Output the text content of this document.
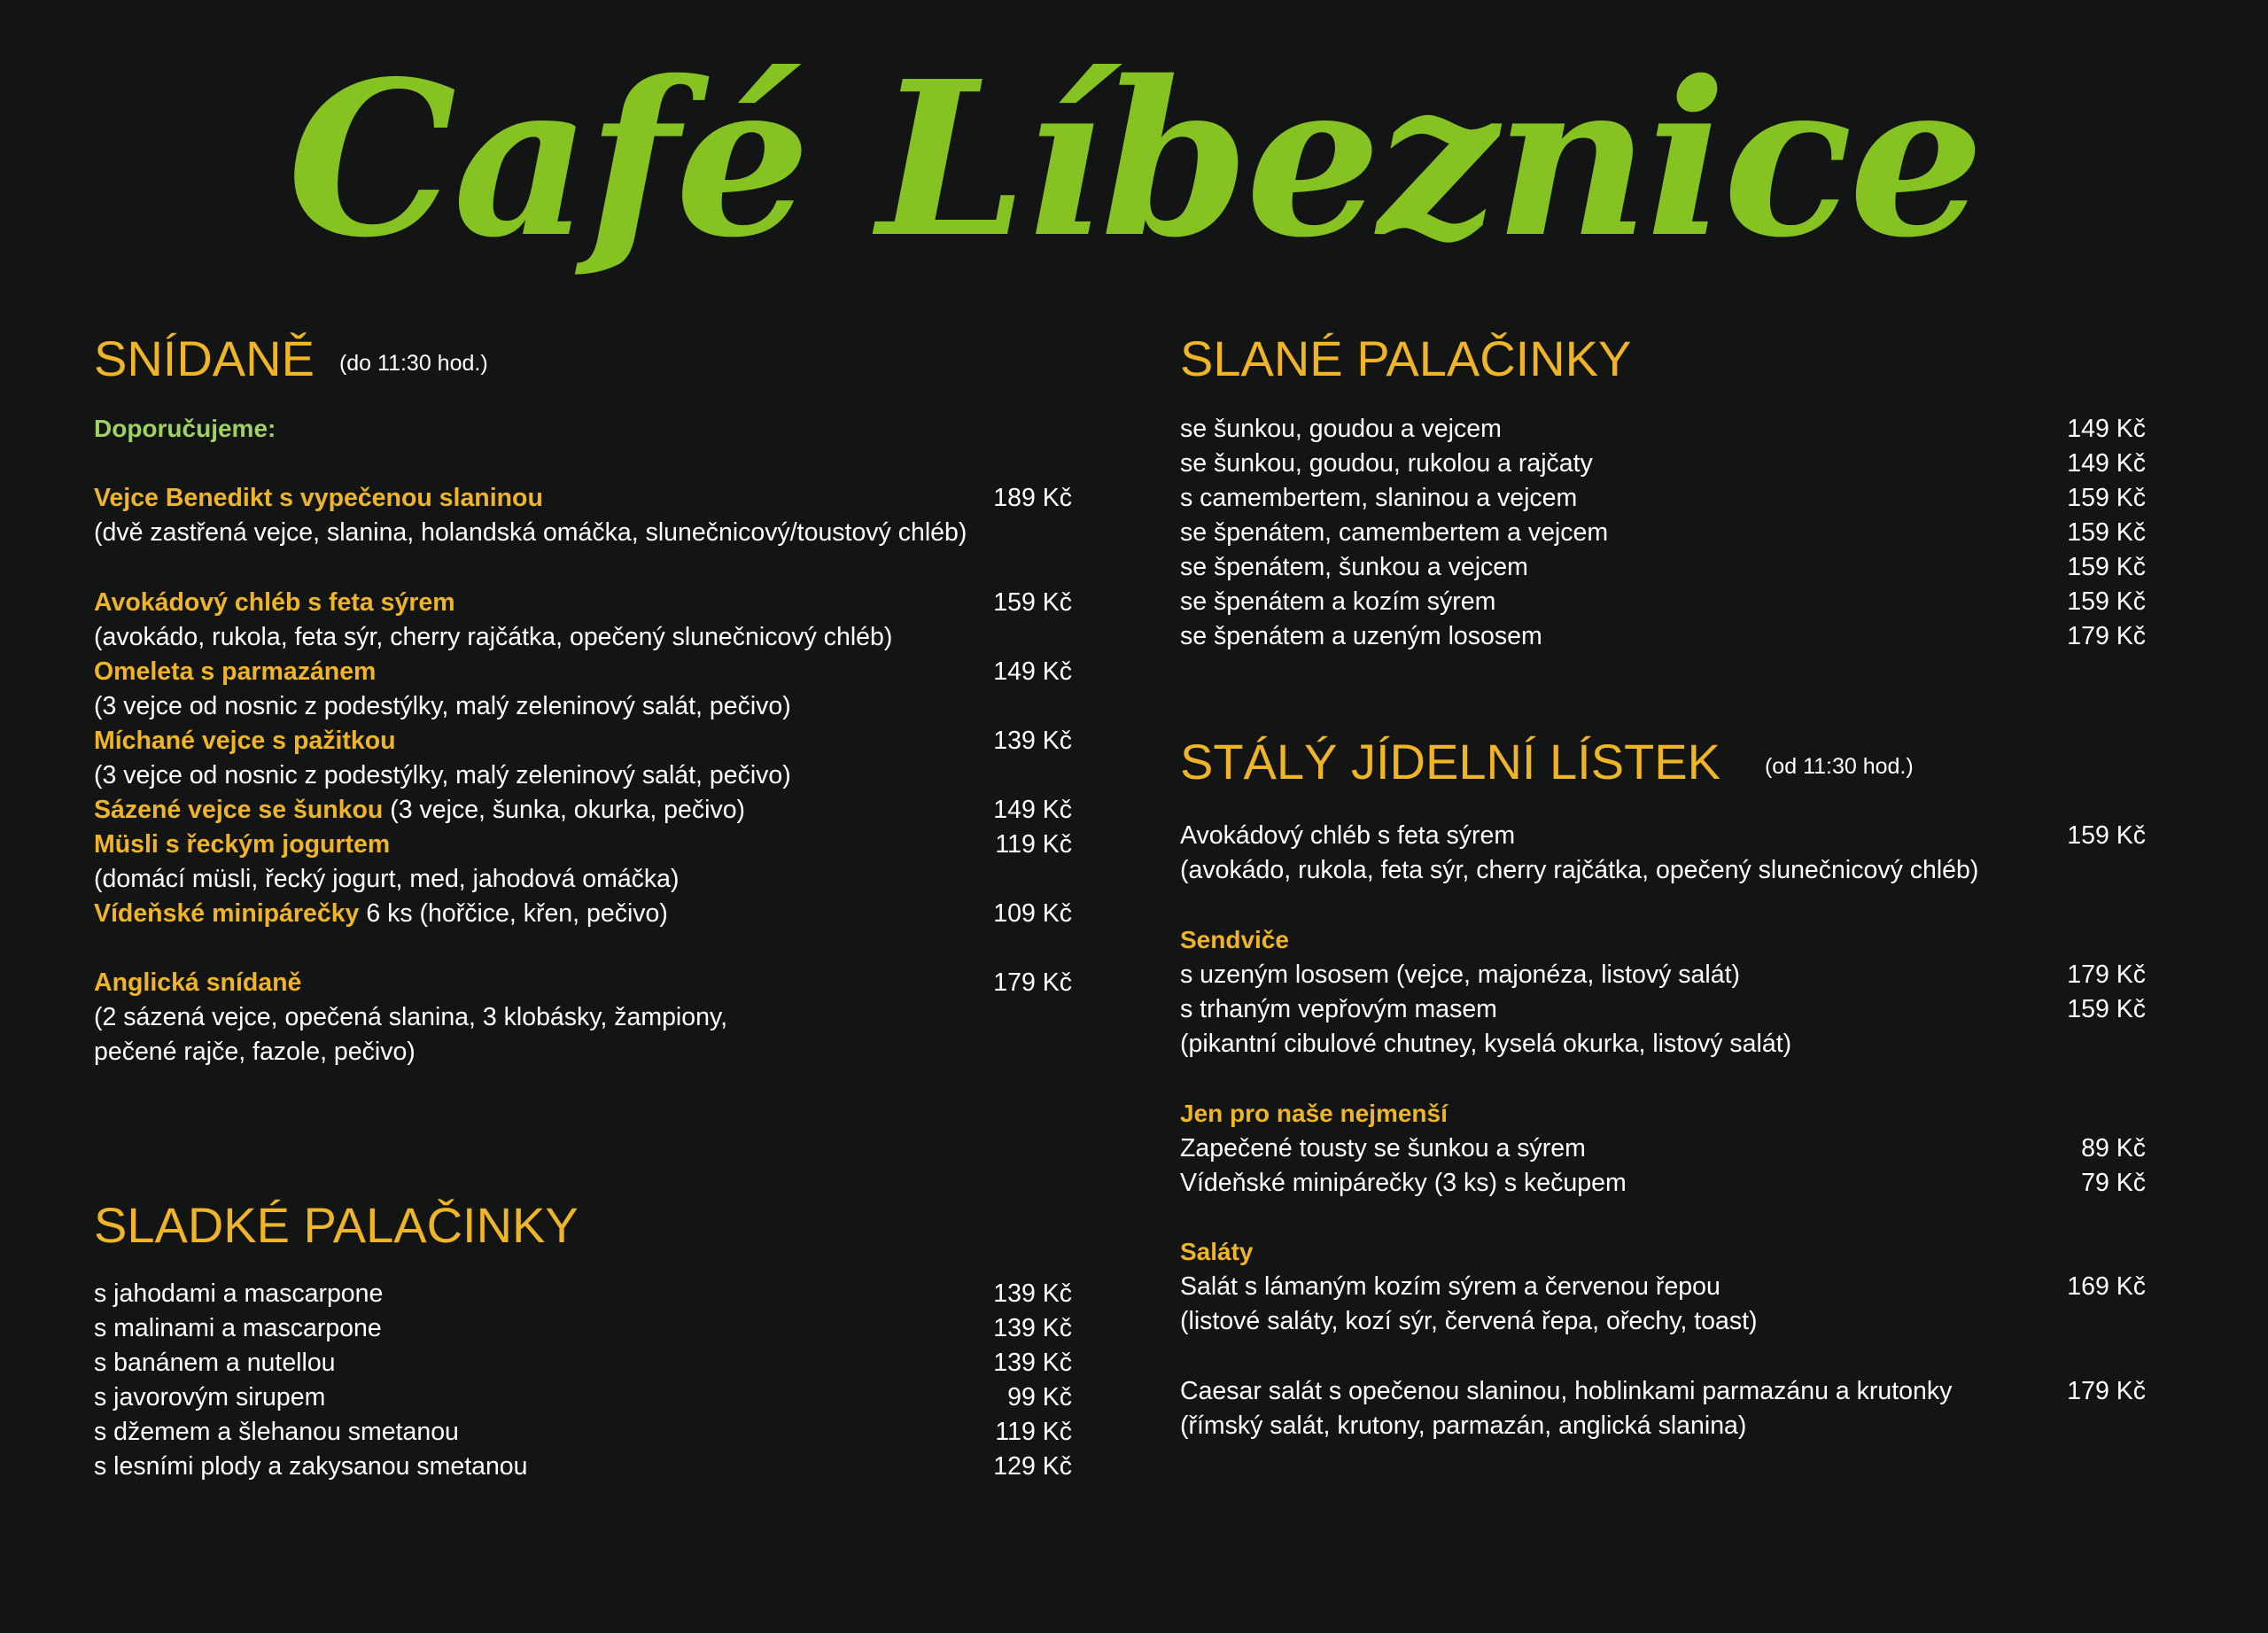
Café Líbeznice
SNÍDANĚ (do 11:30 hod.)
Doporučujeme:
Vejce Benedikt s vypečenou slaninou	189 Kč
(dvě zastřená vejce, slanina, holandská omáčka, slunečnicový/toustový chléb)
Avokádový chléb s feta sýrem	159 Kč
(avokádo, rukola, feta sýr, cherry rajčátka, opečený slunečnicový chléb)
Omeleta s parmazánem	149 Kč
(3 vejce od nosnic z podestýlky, malý zeleninový salát, pečivo)
Míchané vejce s pažitkou	139 Kč
(3 vejce od nosnic z podestýlky, malý zeleninový salát, pečivo)
Sázené vejce se šunkou (3 vejce, šunka, okurka, pečivo)	149 Kč
Müsli s řeckým jogurtem	119 Kč
(domácí müsli, řecký jogurt, med, jahodová omáčka)
Vídeňské minipárečky 6 ks (hořčice, křen, pečivo)	109 Kč
Anglická snídaně	179 Kč
(2 sázená vejce, opečená slanina, 3 klobásky, žampiony,
pečené rajče, fazole, pečivo)
SLADKÉ PALAČINKY
s jahodami a mascarpone	139 Kč
s malinami a mascarpone	139 Kč
s banánem a nutellou	139 Kč
s javorovým sirupem	99 Kč
s džemem a šlehanou smetanou	119 Kč
s lesními plody a zakysanou smetanou	129 Kč
SLANÉ PALAČINKY
se šunkou, goudou a vejcem	149 Kč
se šunkou, goudou, rukolou a rajčaty	149 Kč
s camembertem, slaninou a vejcem	159 Kč
se špenátem, camembertem a vejcem	159 Kč
se špenátem, šunkou a vejcem	159 Kč
se špenátem a kozím sýrem	159 Kč
se špenátem a uzeným lososem	179 Kč
STÁLÝ JÍDELNÍ LÍSTEK (od 11:30 hod.)
Avokádový chléb s feta sýrem	159 Kč
(avokádo, rukola, feta sýr, cherry rajčátka, opečený slunečnicový chléb)
Sendviče
s uzeným lososem (vejce, majonéza, listový salát)	179 Kč
s trhaným vepřovým masem	159 Kč
(pikantní cibulové chutney, kyselá okurka, listový salát)
Jen pro naše nejmenší
Zapečené tousty se šunkou a sýrem	89 Kč
Vídeňské minipárečky (3 ks) s kečupem	79 Kč
Saláty
Salát s lámaným kozím sýrem a červenou řepou	169 Kč
(listové saláty, kozí sýr, červená řepa, ořechy, toast)
Caesar salát s opečenou slaninou, hoblinkami parmazánu a krutonky	179 Kč
(římský salát, krutony, parmazán, anglická slanina)
